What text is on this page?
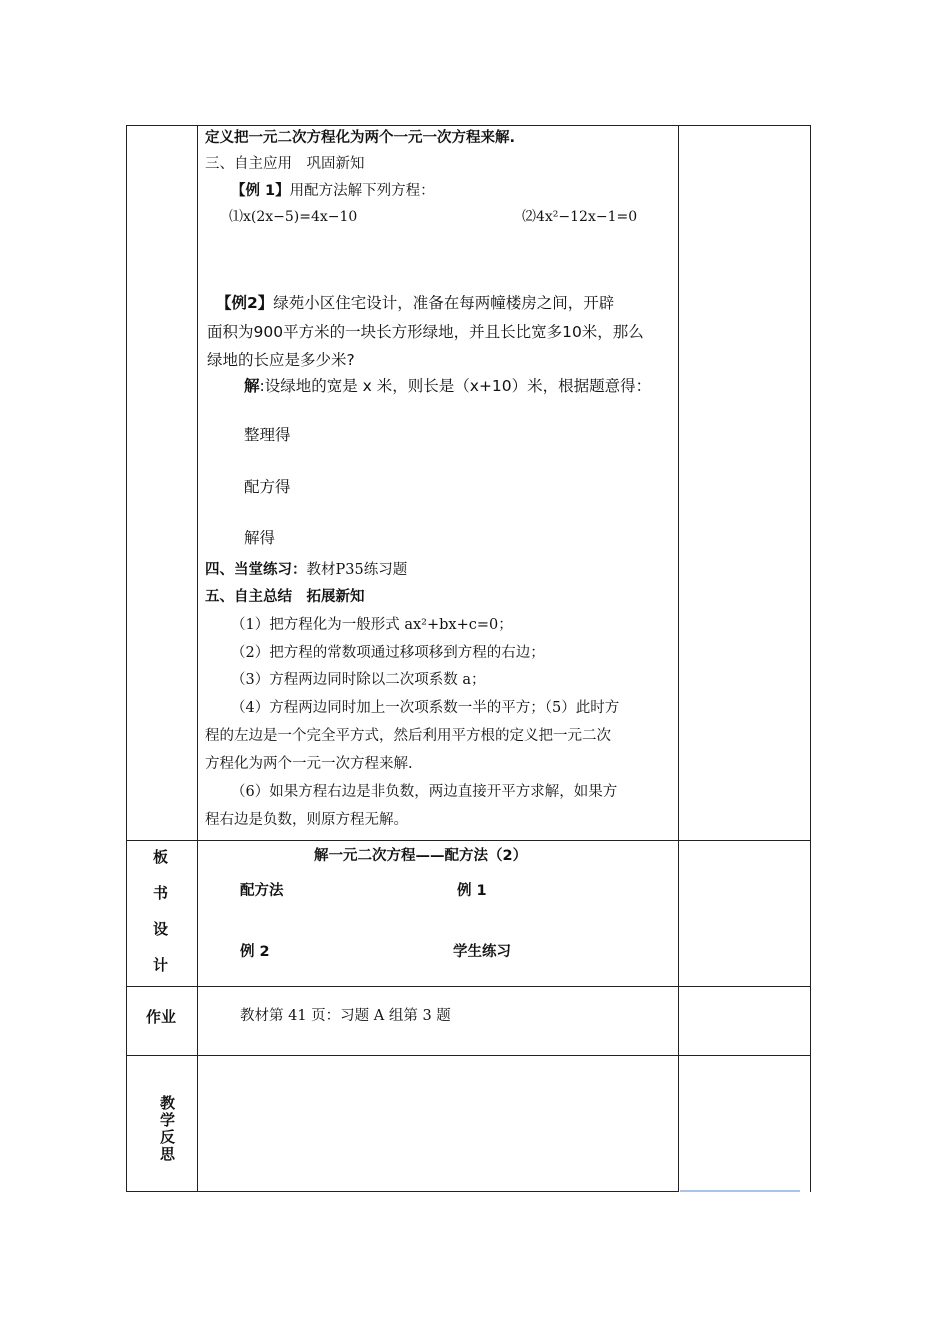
定义把一元二次方程化为两个一元一次方程来解.
三、自主应用　巩固新知
【例 1】用配方法解下列方程：
⑴x(2x−5)=4x−10	⑵4x²−12x−1=0
【例2】绿苑小区住宅设计，准备在每两幢楼房之间，开辟
面积为900平方米的一块长方形绿地，并且长比宽多10米，那么
绿地的长应是多少米?
解:设绿地的宽是 x 米，则长是（x+10）米，根据题意得：
整理得
配方得
解得
四、当堂练习：教材P35练习题
五、自主总结　拓展新知
（1）把方程化为一般形式 ax²+bx+c=0；
（2）把方程的常数项通过移项移到方程的右边；
（3）方程两边同时除以二次项系数 a；
（4）方程两边同时加上一次项系数一半的平方；（5）此时方
程的左边是一个完全平方式，然后利用平方根的定义把一元二次
方程化为两个一元一次方程来解.
（6）如果方程右边是非负数，两边直接开平方求解，如果方
程右边是负数，则原方程无解。
板
书
设
计
解一元二次方程——配方法（2）
配方法	例 1
例 2	学生练习
作业	教材第 41 页：习题 A 组第 3 题
教
学
反
思
